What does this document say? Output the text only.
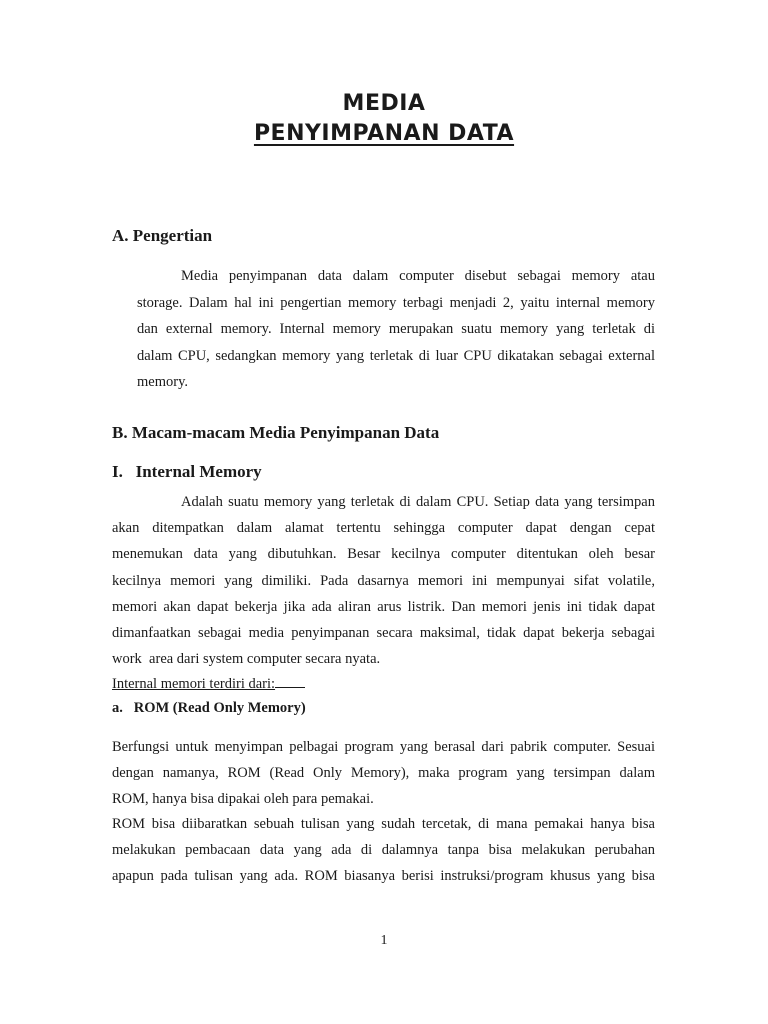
MEDIA
PENYIMPANAN DATA
A. Pengertian
Media penyimpanan data dalam computer disebut sebagai memory atau
storage. Dalam hal ini pengertian memory terbagi menjadi 2, yaitu internal memory
dan external memory. Internal memory merupakan suatu memory yang terletak di
dalam CPU, sedangkan memory yang terletak di luar CPU dikatakan sebagai external
memory.
B. Macam-macam Media Penyimpanan Data
I.   Internal Memory
Adalah suatu memory yang terletak di dalam CPU. Setiap data yang tersimpan
akan ditempatkan dalam alamat tertentu sehingga computer dapat dengan cepat
menemukan data yang dibutuhkan. Besar kecilnya computer ditentukan oleh besar
kecilnya memori yang dimiliki. Pada dasarnya memori ini mempunyai sifat volatile,
memori akan dapat bekerja jika ada aliran arus listrik. Dan memori jenis ini tidak dapat
dimanfaatkan sebagai media penyimpanan secara maksimal, tidak dapat bekerja sebagai
work  area dari system computer secara nyata.

Internal memori terdiri dari:

a.   ROM (Read Only Memory)
Berfungsi untuk menyimpan pelbagai program yang berasal dari pabrik computer. Sesuai
dengan namanya, ROM (Read Only Memory), maka program yang tersimpan dalam
ROM, hanya bisa dipakai oleh para pemakai.
ROM bisa diibaratkan sebuah tulisan yang sudah tercetak, di mana pemakai hanya bisa
melakukan pembacaan data yang ada di dalamnya tanpa bisa melakukan perubahan
apapun pada tulisan yang ada. ROM biasanya berisi instruksi/program khusus yang bisa

1
